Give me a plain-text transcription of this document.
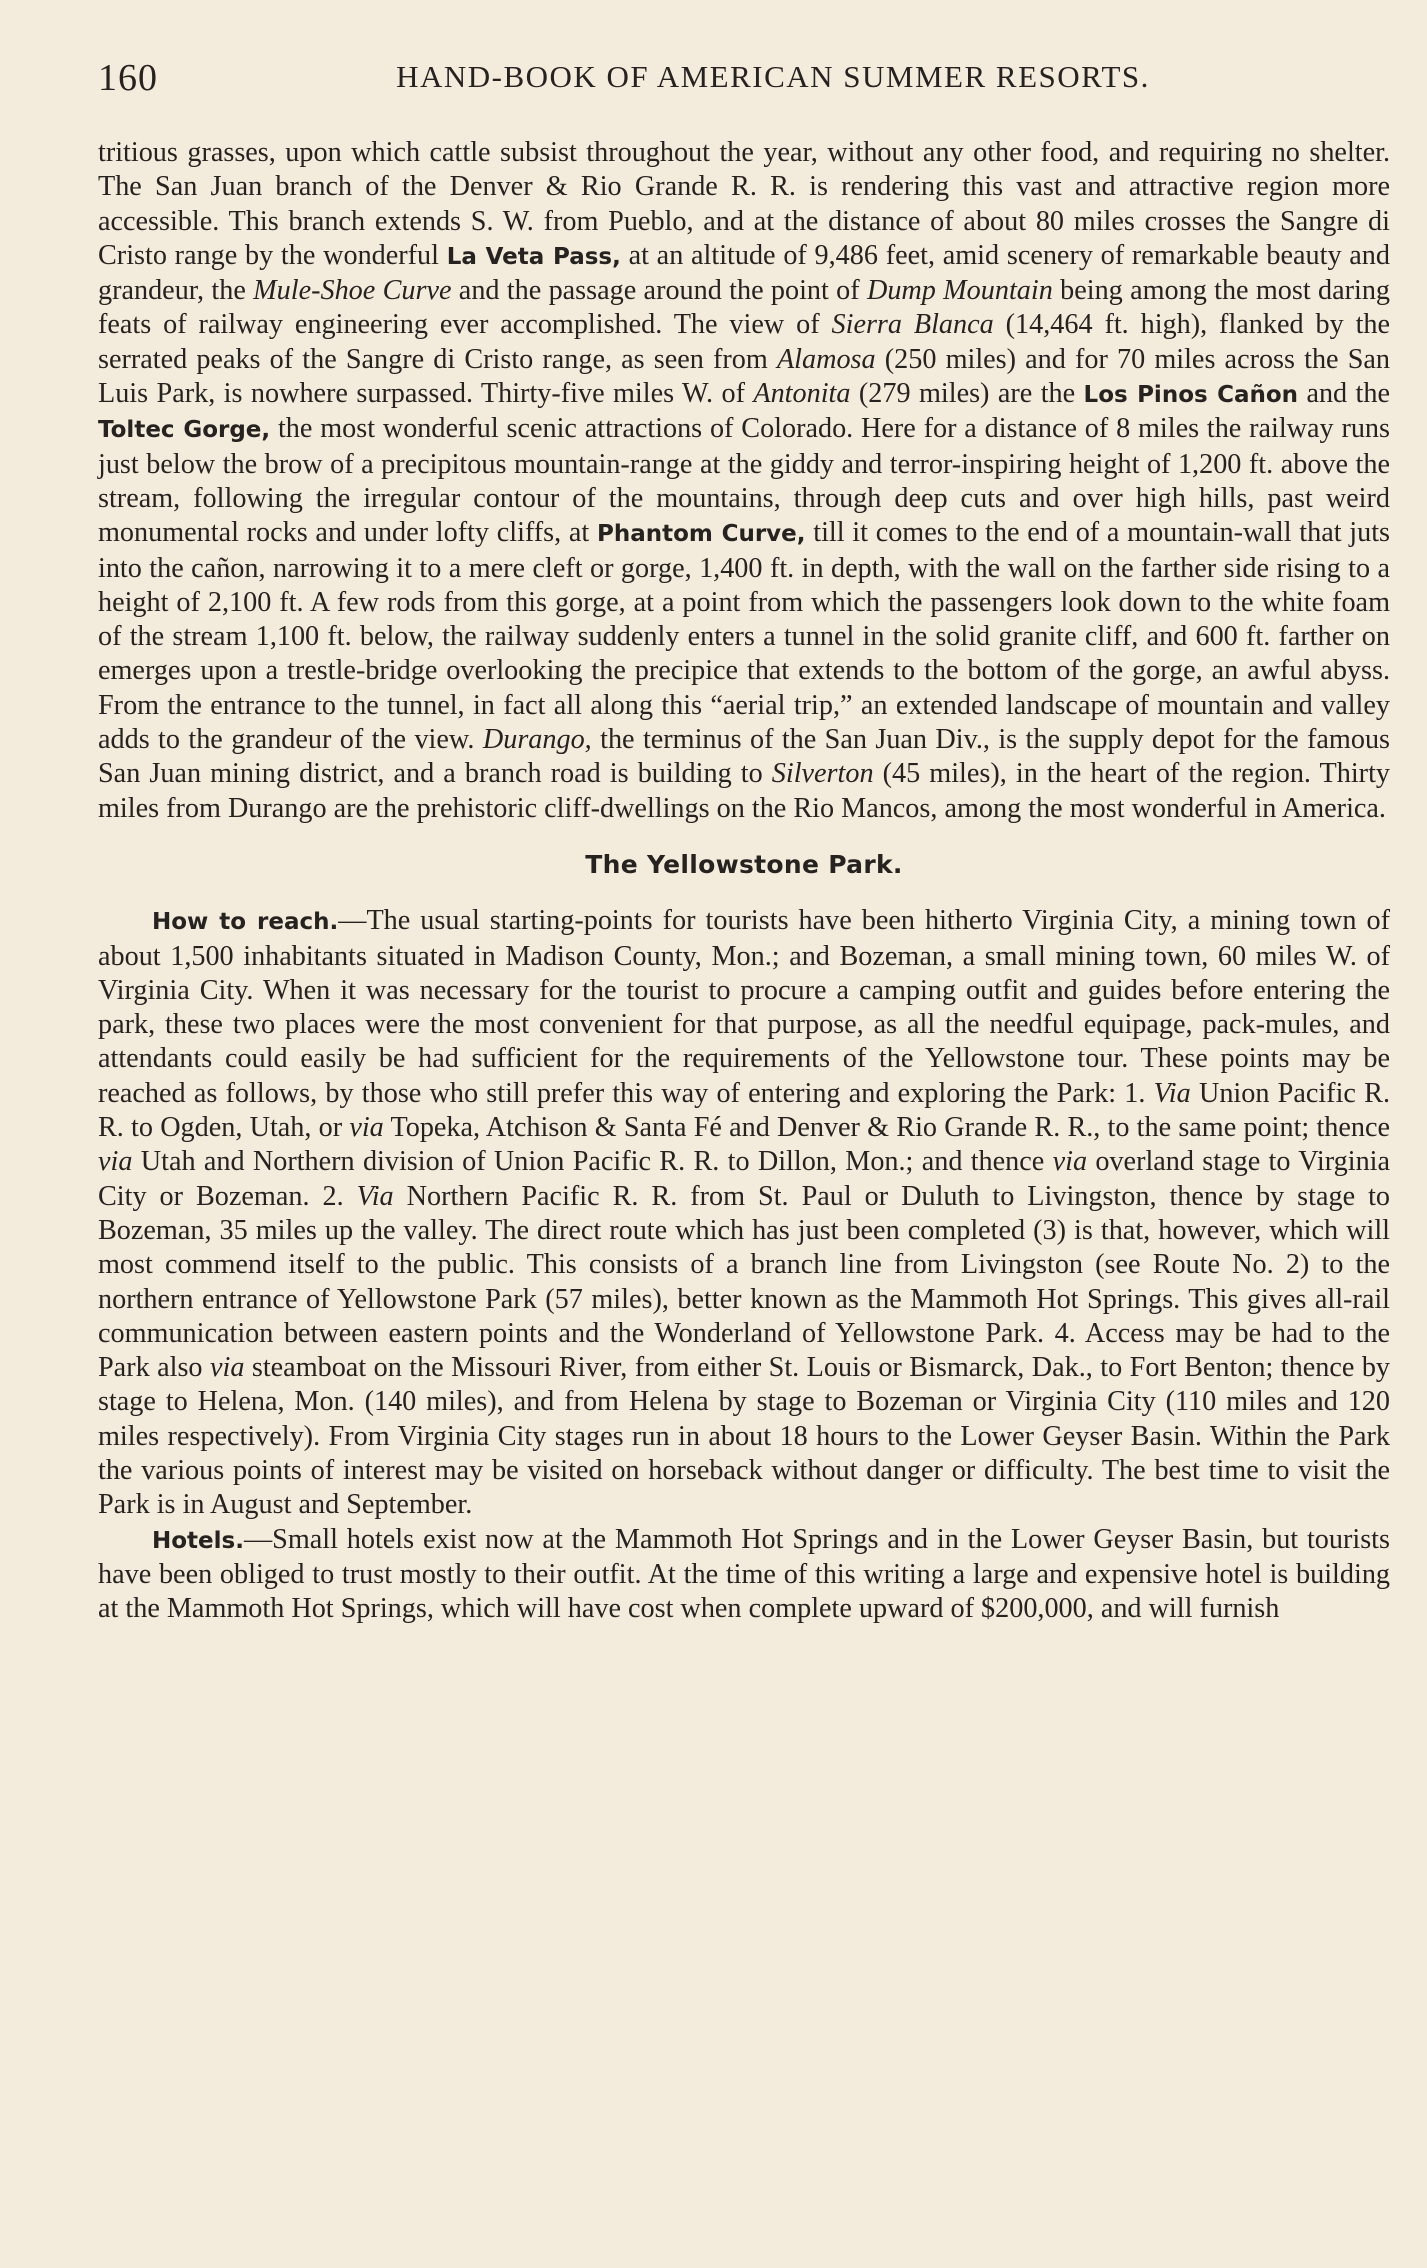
160	HAND-BOOK OF AMERICAN SUMMER RESORTS.

tritious grasses, upon which cattle subsist throughout the year, without any other food, and requiring no shelter. The San Juan branch of the Denver & Rio Grande R. R. is rendering this vast and attractive region more accessible. This branch extends S. W. from Pueblo, and at the distance of about 80 miles crosses the Sangre di Cristo range by the wonderful La Veta Pass, at an altitude of 9,486 feet, amid scenery of remarkable beauty and grandeur, the Mule-Shoe Curve and the passage around the point of Dump Mountain being among the most daring feats of railway engineering ever accomplished. The view of Sierra Blanca (14,464 ft. high), flanked by the serrated peaks of the Sangre di Cristo range, as seen from Alamosa (250 miles) and for 70 miles across the San Luis Park, is nowhere surpassed. Thirty-five miles W. of Antonita (279 miles) are the Los Pinos Cañon and the Toltec Gorge, the most wonderful scenic attractions of Colorado. Here for a distance of 8 miles the railway runs just below the brow of a precipitous mountain-range at the giddy and terror-inspiring height of 1,200 ft. above the stream, following the irregular contour of the mountains, through deep cuts and over high hills, past weird monumental rocks and under lofty cliffs, at Phantom Curve, till it comes to the end of a mountain-wall that juts into the cañon, narrowing it to a mere cleft or gorge, 1,400 ft. in depth, with the wall on the farther side rising to a height of 2,100 ft. A few rods from this gorge, at a point from which the passengers look down to the white foam of the stream 1,100 ft. below, the railway suddenly enters a tunnel in the solid granite cliff, and 600 ft. farther on emerges upon a trestle-bridge overlooking the precipice that extends to the bottom of the gorge, an awful abyss. From the entrance to the tunnel, in fact all along this “aerial trip,” an extended landscape of mountain and valley adds to the grandeur of the view. Durango, the terminus of the San Juan Div., is the supply depot for the famous San Juan mining district, and a branch road is building to Silverton (45 miles), in the heart of the region. Thirty miles from Durango are the prehistoric cliff-dwellings on the Rio Mancos, among the most wonderful in America.

The Yellowstone Park.

How to reach.—The usual starting-points for tourists have been hitherto Virginia City, a mining town of about 1,500 inhabitants situated in Madison County, Mon.; and Bozeman, a small mining town, 60 miles W. of Virginia City. When it was necessary for the tourist to procure a camping outfit and guides before entering the park, these two places were the most convenient for that purpose, as all the needful equipage, pack-mules, and attendants could easily be had sufficient for the requirements of the Yellowstone tour. These points may be reached as follows, by those who still prefer this way of entering and exploring the Park: 1. Via Union Pacific R. R. to Ogden, Utah, or via Topeka, Atchison & Santa Fé and Denver & Rio Grande R. R., to the same point; thence via Utah and Northern division of Union Pacific R. R. to Dillon, Mon.; and thence via overland stage to Virginia City or Bozeman. 2. Via Northern Pacific R. R. from St. Paul or Duluth to Livingston, thence by stage to Bozeman, 35 miles up the valley. The direct route which has just been completed (3) is that, however, which will most commend itself to the public. This consists of a branch line from Livingston (see Route No. 2) to the northern entrance of Yellowstone Park (57 miles), better known as the Mammoth Hot Springs. This gives all-rail communication between eastern points and the Wonderland of Yellowstone Park. 4. Access may be had to the Park also via steamboat on the Missouri River, from either St. Louis or Bismarck, Dak., to Fort Benton; thence by stage to Helena, Mon. (140 miles), and from Helena by stage to Bozeman or Virginia City (110 miles and 120 miles respectively). From Virginia City stages run in about 18 hours to the Lower Geyser Basin. Within the Park the various points of interest may be visited on horseback without danger or difficulty. The best time to visit the Park is in August and September.

Hotels.—Small hotels exist now at the Mammoth Hot Springs and in the Lower Geyser Basin, but tourists have been obliged to trust mostly to their outfit. At the time of this writing a large and expensive hotel is building at the Mammoth Hot Springs, which will have cost when complete upward of $200,000, and will furnish
